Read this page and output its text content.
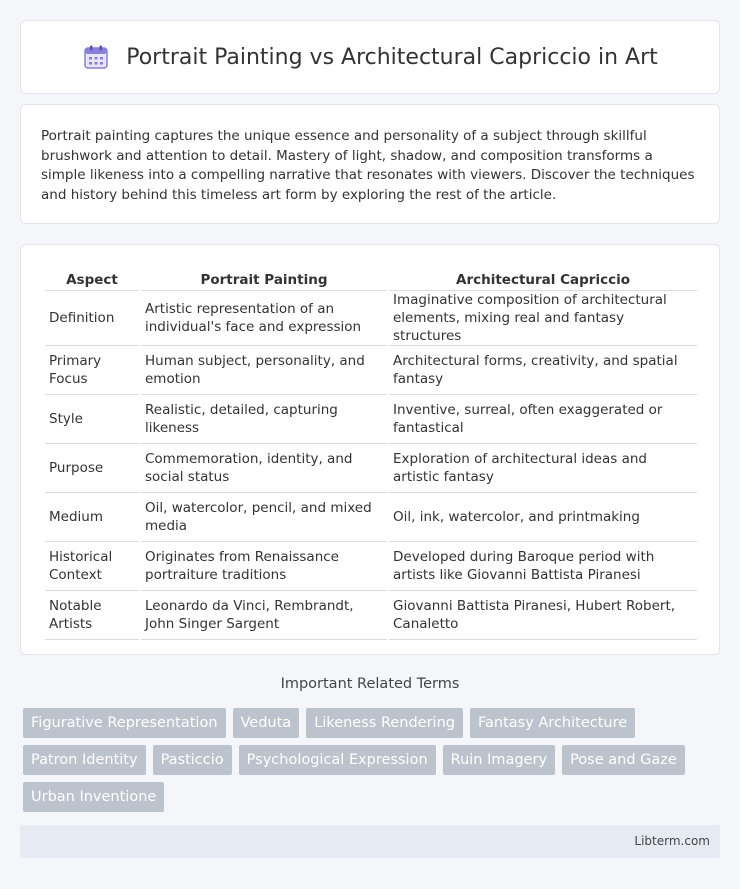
Portrait Painting vs Architectural Capriccio in Art

Portrait painting captures the unique essence and personality of a subject through skillful brushwork and attention to detail. Mastery of light, shadow, and composition transforms a simple likeness into a compelling narrative that resonates with viewers. Discover the techniques and history behind this timeless art form by exploring the rest of the article.

Aspect	Portrait Painting	Architectural Capriccio
Definition	Artistic representation of an individual's face and expression	Imaginative composition of architectural elements, mixing real and fantasy structures
Primary Focus	Human subject, personality, and emotion	Architectural forms, creativity, and spatial fantasy
Style	Realistic, detailed, capturing likeness	Inventive, surreal, often exaggerated or fantastical
Purpose	Commemoration, identity, and social status	Exploration of architectural ideas and artistic fantasy
Medium	Oil, watercolor, pencil, and mixed media	Oil, ink, watercolor, and printmaking
Historical Context	Originates from Renaissance portraiture traditions	Developed during Baroque period with artists like Giovanni Battista Piranesi
Notable Artists	Leonardo da Vinci, Rembrandt, John Singer Sargent	Giovanni Battista Piranesi, Hubert Robert, Canaletto
Important Related Terms
Figurative Representation	Veduta	Likeness Rendering	Fantasy Architecture
Patron Identity	Pasticcio	Psychological Expression	Ruin Imagery	Pose and Gaze
Urban Inventione
Libterm.com
